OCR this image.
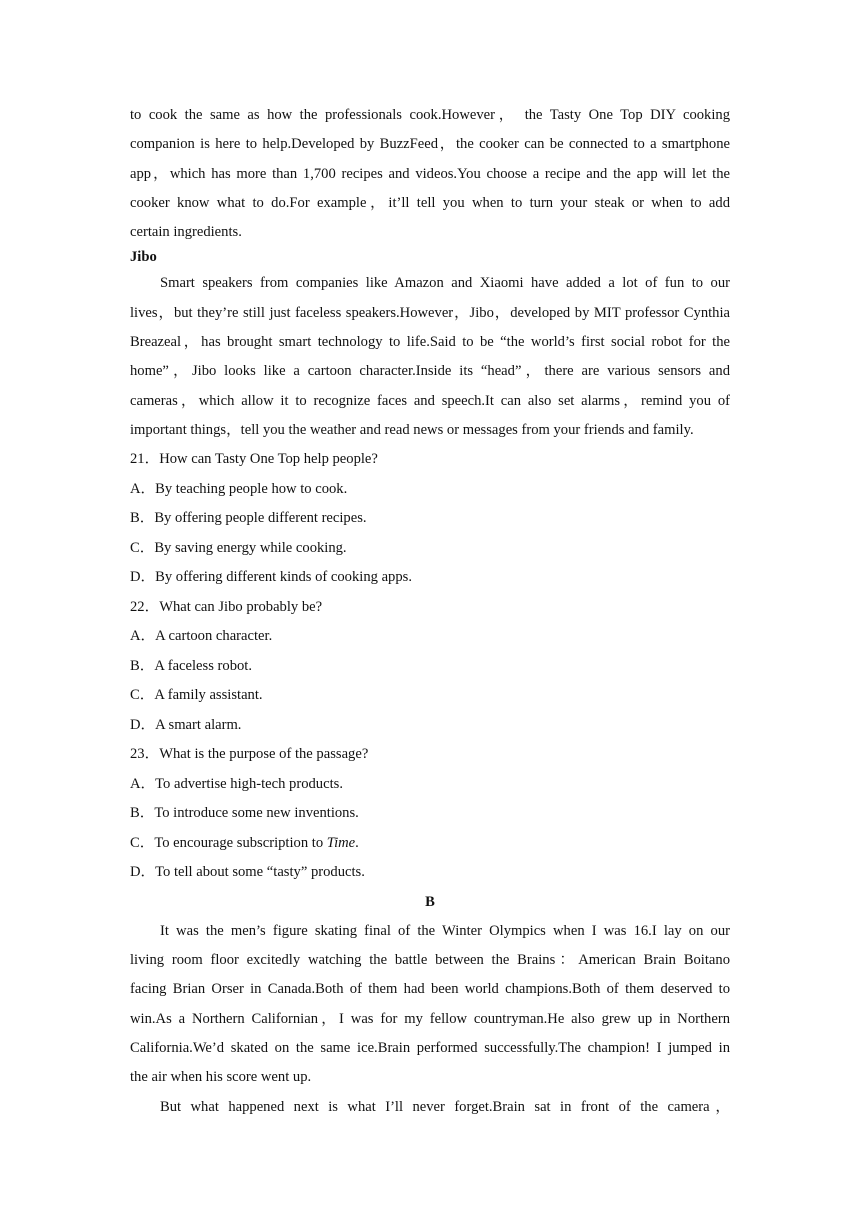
to cook the same as how the professionals cook.However， the Tasty One Top DIY cooking
companion is here to help.Developed by BuzzFeed，the cooker can be connected to a smartphone
app，which has more than 1,700 recipes and videos.You choose a recipe and the app will let the
cooker know what to do.For example，it’ll tell you when to turn your steak or when to add
certain ingredients.
Jibo
Smart speakers from companies like Amazon and Xiaomi have added a lot of fun to our
lives，but they’re still just faceless speakers.However，Jibo，developed by MIT professor Cynthia
Breazeal，has brought smart technology to life.Said to be “the world’s first social robot for the
home”，Jibo looks like a cartoon character.Inside its “head”，there are various sensors and
cameras，which allow it to recognize faces and speech.It can also set alarms，remind you of
important things，tell you the weather and read news or messages from your friends and family.
21．How can Tasty One Top help people?
A．By teaching people how to cook.
B．By offering people different recipes.
C．By saving energy while cooking.
D．By offering different kinds of cooking apps.
22．What can Jibo probably be?
A．A cartoon character.
B．A faceless robot.
C．A family assistant.
D．A smart alarm.
23．What is the purpose of the passage?
A．To advertise high-tech products.
B．To introduce some new inventions.
C．To encourage subscription to Time.
D．To tell about some “tasty” products.
B
It was the men’s figure skating final of the Winter Olympics when I was 16.I lay on our
living room floor excitedly watching the battle between the Brains：American Brain Boitano
facing Brian Orser in Canada.Both of them had been world champions.Both of them deserved to
win.As a Northern Californian，I was for my fellow countryman.He also grew up in Northern
California.We’d skated on the same ice.Brain performed successfully.The champion! I jumped in
the air when his score went up.
But what happened next is what I’ll never forget.Brain sat in front of the camera，
